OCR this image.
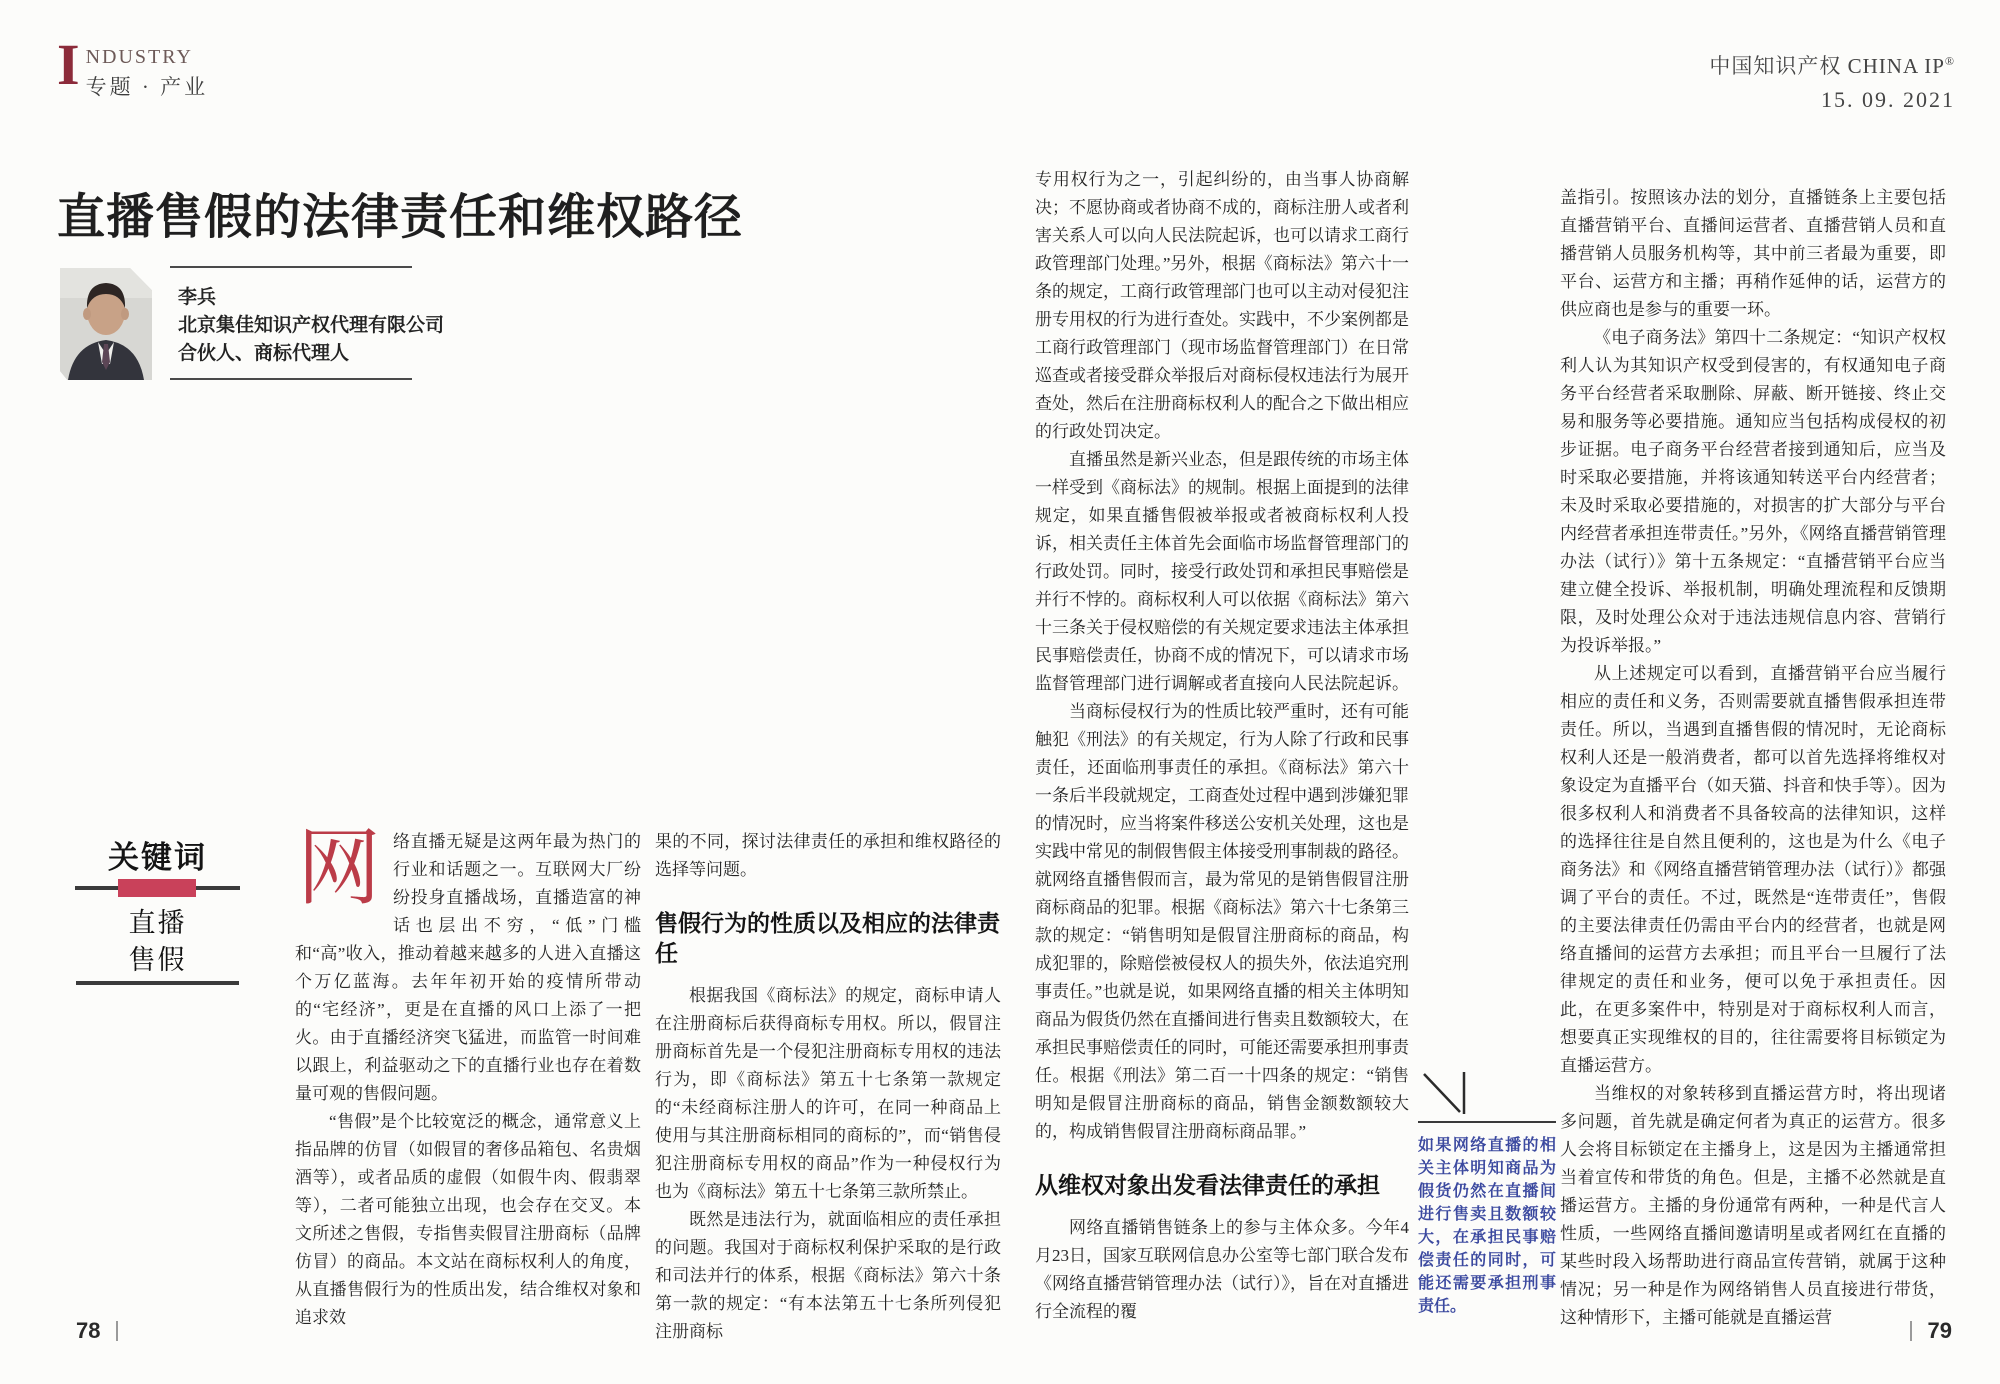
I NDUSTRY
专题 · 产业
中国知识产权 CHINA IP®
15. 09. 2021
直播售假的法律责任和维权路径
李兵
北京集佳知识产权代理有限公司
合伙人、商标代理人
关键词
直播
售假
网 络直播无疑是这两年最为热门的行业和话题之一。互联网大厂纷纷投身直播战场，直播造富的神话也层出不穷，“低”门槛和“高”收入，推动着越来越多的人进入直播这个万亿蓝海。去年年初开始的疫情所带动的“宅经济”，更是在直播的风口上添了一把火。由于直播经济突飞猛进，而监管一时间难以跟上，利益驱动之下的直播行业也存在着数量可观的售假问题。

“售假”是个比较宽泛的概念，通常意义上指品牌的仿冒（如假冒的奢侈品箱包、名贵烟酒等），或者品质的虚假（如假牛肉、假翡翠等），二者可能独立出现，也会存在交叉。本文所述之售假，专指售卖假冒注册商标（品牌仿冒）的商品。本文站在商标权利人的角度，从直播售假行为的性质出发，结合维权对象和追求效

果的不同，探讨法律责任的承担和维权路径的选择等问题。

售假行为的性质以及相应的法律责任

根据我国《商标法》的规定，商标申请人在注册商标后获得商标专用权。所以，假冒注册商标首先是一个侵犯注册商标专用权的违法行为，即《商标法》第五十七条第一款规定的“未经商标注册人的许可，在同一种商品上使用与其注册商标相同的商标的”，而“销售侵犯注册商标专用权的商品”作为一种侵权行为也为《商标法》第五十七条第三款所禁止。

既然是违法行为，就面临相应的责任承担的问题。我国对于商标权利保护采取的是行政和司法并行的体系，根据《商标法》第六十条第一款的规定：“有本法第五十七条所列侵犯注册商标

专用权行为之一，引起纠纷的，由当事人协商解决；不愿协商或者协商不成的，商标注册人或者利害关系人可以向人民法院起诉，也可以请求工商行政管理部门处理。”另外，根据《商标法》第六十一条的规定，工商行政管理部门也可以主动对侵犯注册专用权的行为进行查处。实践中，不少案例都是工商行政管理部门（现市场监督管理部门）在日常巡查或者接受群众举报后对商标侵权违法行为展开查处，然后在注册商标权利人的配合之下做出相应的行政处罚决定。

直播虽然是新兴业态，但是跟传统的市场主体一样受到《商标法》的规制。根据上面提到的法律规定，如果直播售假被举报或者被商标权利人投诉，相关责任主体首先会面临市场监督管理部门的行政处罚。同时，接受行政处罚和承担民事赔偿是并行不悖的。商标权利人可以依据《商标法》第六十三条关于侵权赔偿的有关规定要求违法主体承担民事赔偿责任，协商不成的情况下，可以请求市场监督管理部门进行调解或者直接向人民法院起诉。

当商标侵权行为的性质比较严重时，还有可能触犯《刑法》的有关规定，行为人除了行政和民事责任，还面临刑事责任的承担。《商标法》第六十一条后半段就规定，工商查处过程中遇到涉嫌犯罪的情况时，应当将案件移送公安机关处理，这也是实践中常见的制假售假主体接受刑事制裁的路径。就网络直播售假而言，最为常见的是销售假冒注册商标商品的犯罪。根据《商标法》第六十七条第三款的规定：“销售明知是假冒注册商标的商品，构成犯罪的，除赔偿被侵权人的损失外，依法追究刑事责任。”也就是说，如果网络直播的相关主体明知商品为假货仍然在直播间进行售卖且数额较大，在承担民事赔偿责任的同时，可能还需要承担刑事责任。根据《刑法》第二百一十四条的规定：“销售明知是假冒注册商标的商品，销售金额数额较大的，构成销售假冒注册商标商品罪。”

从维权对象出发看法律责任的承担

网络直播销售链条上的参与主体众多。今年4月23日，国家互联网信息办公室等七部门联合发布《网络直播营销管理办法（试行）》，旨在对直播进行全流程的覆

如果网络直播的相关主体明知商品为假货仍然在直播间进行售卖且数额较大，在承担民事赔偿责任的同时，可能还需要承担刑事责任。

盖指引。按照该办法的划分，直播链条上主要包括直播营销平台、直播间运营者、直播营销人员和直播营销人员服务机构等，其中前三者最为重要，即平台、运营方和主播；再稍作延伸的话，运营方的供应商也是参与的重要一环。

《电子商务法》第四十二条规定：“知识产权权利人认为其知识产权受到侵害的，有权通知电子商务平台经营者采取删除、屏蔽、断开链接、终止交易和服务等必要措施。通知应当包括构成侵权的初步证据。电子商务平台经营者接到通知后，应当及时采取必要措施，并将该通知转送平台内经营者；未及时采取必要措施的，对损害的扩大部分与平台内经营者承担连带责任。”另外，《网络直播营销管理办法（试行）》第十五条规定：“直播营销平台应当建立健全投诉、举报机制，明确处理流程和反馈期限，及时处理公众对于违法违规信息内容、营销行为投诉举报。”

从上述规定可以看到，直播营销平台应当履行相应的责任和义务，否则需要就直播售假承担连带责任。所以，当遇到直播售假的情况时，无论商标权利人还是一般消费者，都可以首先选择将维权对象设定为直播平台（如天猫、抖音和快手等）。因为很多权利人和消费者不具备较高的法律知识，这样的选择往往是自然且便利的，这也是为什么《电子商务法》和《网络直播营销管理办法（试行）》都强调了平台的责任。不过，既然是“连带责任”，售假的主要法律责任仍需由平台内的经营者，也就是网络直播间的运营方去承担；而且平台一旦履行了法律规定的责任和业务，便可以免于承担责任。因此，在更多案件中，特别是对于商标权利人而言，想要真正实现维权的目的，往往需要将目标锁定为直播运营方。

当维权的对象转移到直播运营方时，将出现诸多问题，首先就是确定何者为真正的运营方。很多人会将目标锁定在主播身上，这是因为主播通常担当着宣传和带货的角色。但是，主播不必然就是直播运营方。主播的身份通常有两种，一种是代言人性质，一些网络直播间邀请明星或者网红在直播的某些时段入场帮助进行商品宣传营销，就属于这种情况；另一种是作为网络销售人员直接进行带货，这种情形下，主播可能就是直播运营

78	79
